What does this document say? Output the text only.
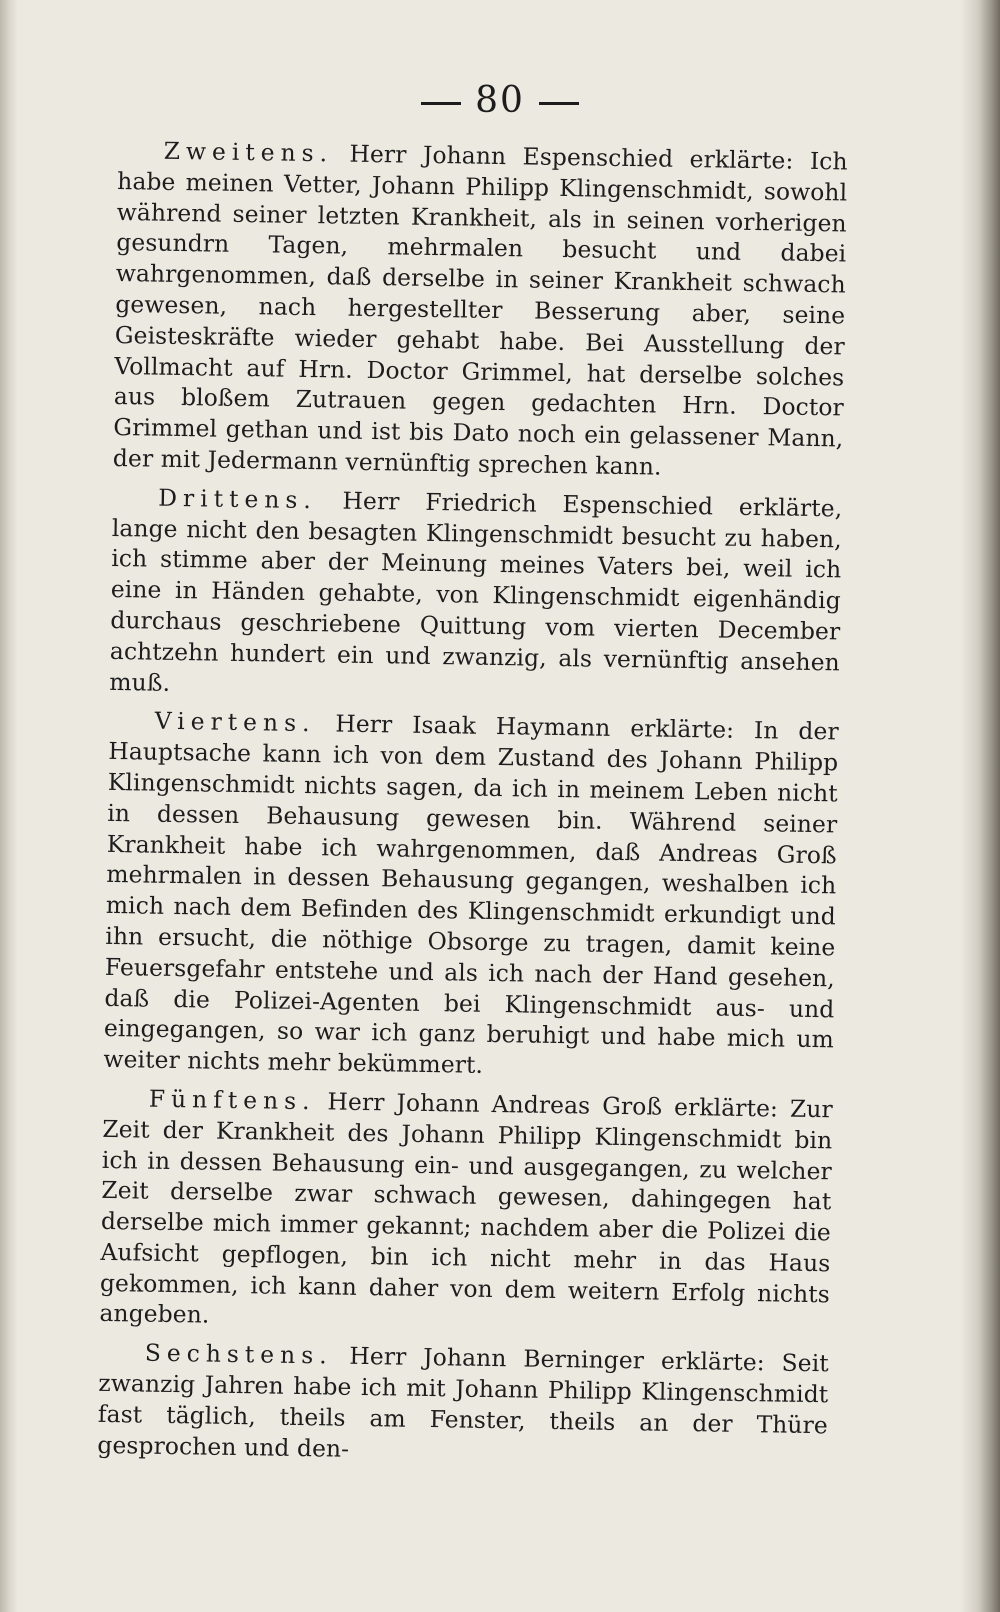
80

Zweitens. Herr Johann Espenschied erklärte: Ich habe meinen Vetter, Johann Philipp Klingenschmidt, sowohl während seiner letzten Krankheit, als in seinen vorherigen gesundrn Tagen, mehrmalen besucht und dabei wahrgenommen, daß derselbe in seiner Krankheit schwach gewesen, nach hergestellter Besserung aber, seine Geisteskräfte wieder gehabt habe. Bei Ausstellung der Vollmacht auf Hrn. Doctor Grimmel, hat derselbe solches aus bloßem Zutrauen gegen gedachten Hrn. Doctor Grimmel gethan und ist bis Dato noch ein gelassener Mann, der mit Jedermann vernünftig sprechen kann.

Drittens. Herr Friedrich Espenschied erklärte, lange nicht den besagten Klingenschmidt besucht zu haben, ich stimme aber der Meinung meines Vaters bei, weil ich eine in Händen gehabte, von Klingenschmidt eigenhändig durchaus geschriebene Quittung vom vierten December achtzehn hundert ein und zwanzig, als vernünftig ansehen muß.

Viertens. Herr Isaak Haymann erklärte: In der Hauptsache kann ich von dem Zustand des Johann Philipp Klingenschmidt nichts sagen, da ich in meinem Leben nicht in dessen Behausung gewesen bin. Während seiner Krankheit habe ich wahrgenommen, daß Andreas Groß mehrmalen in dessen Behausung gegangen, weshalben ich mich nach dem Befinden des Klingenschmidt erkundigt und ihn ersucht, die nöthige Obsorge zu tragen, damit keine Feuersgefahr entstehe und als ich nach der Hand gesehen, daß die Polizei-Agenten bei Klingenschmidt aus- und eingegangen, so war ich ganz beruhigt und habe mich um weiter nichts mehr bekümmert.

Fünftens. Herr Johann Andreas Groß erklärte: Zur Zeit der Krankheit des Johann Philipp Klingenschmidt bin ich in dessen Behausung ein- und ausgegangen, zu welcher Zeit derselbe zwar schwach gewesen, dahingegen hat derselbe mich immer gekannt; nachdem aber die Polizei die Aufsicht gepflogen, bin ich nicht mehr in das Haus gekommen, ich kann daher von dem weitern Erfolg nichts angeben.

Sechstens. Herr Johann Berninger erklärte: Seit zwanzig Jahren habe ich mit Johann Philipp Klingenschmidt fast täglich, theils am Fenster, theils an der Thüre gesprochen und den-
